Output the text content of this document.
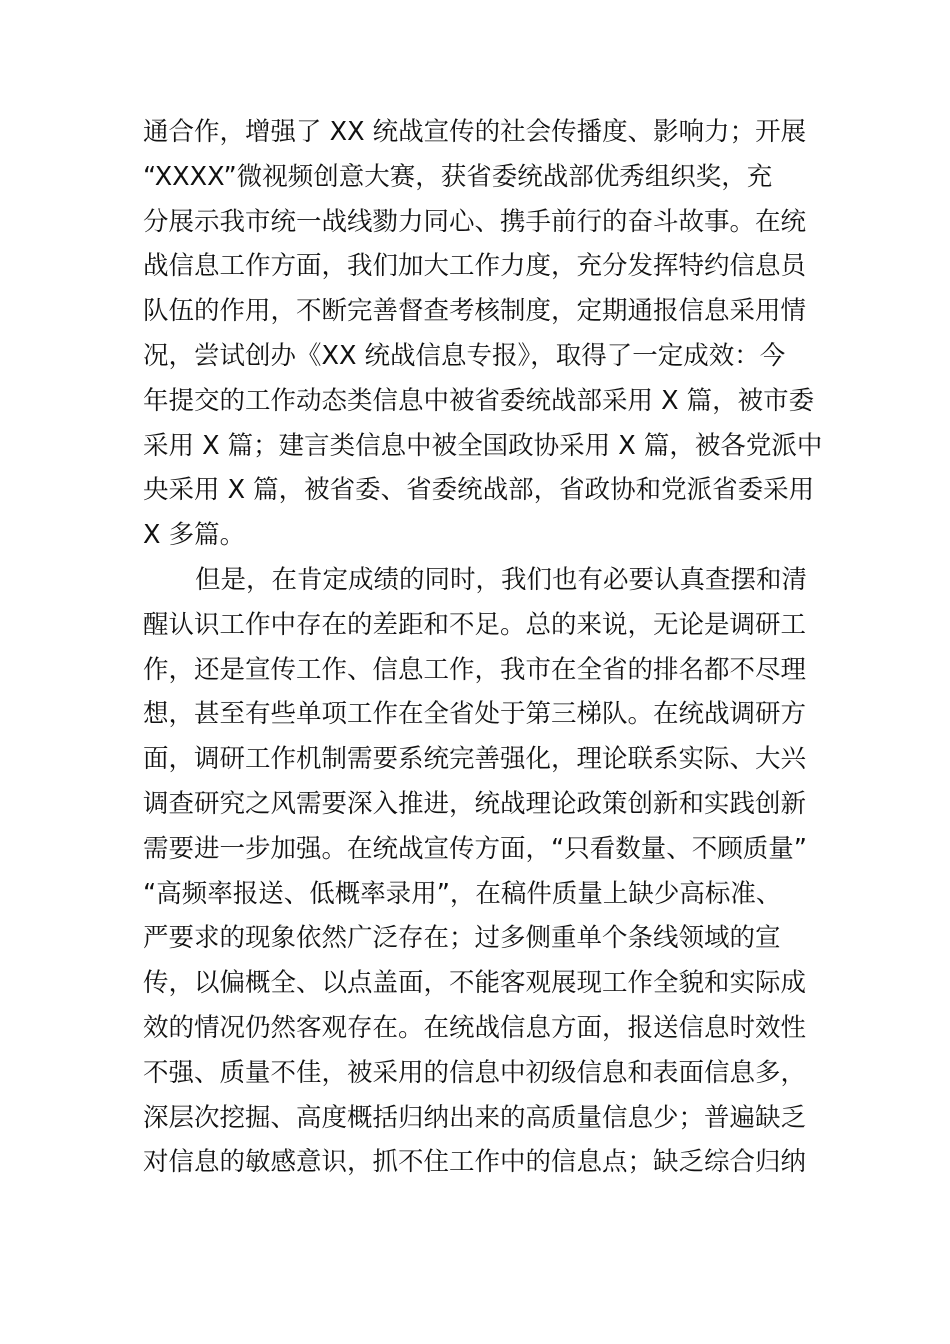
通合作，增强了 XX 统战宣传的社会传播度、影响力；开展
“XXXX”微视频创意大赛，获省委统战部优秀组织奖，充
分展示我市统一战线勠力同心、携手前行的奋斗故事。在统
战信息工作方面，我们加大工作力度，充分发挥特约信息员
队伍的作用，不断完善督查考核制度，定期通报信息采用情
况，尝试创办《XX 统战信息专报》，取得了一定成效：今
年提交的工作动态类信息中被省委统战部采用 X 篇，被市委
采用 X 篇；建言类信息中被全国政协采用 X 篇，被各党派中
央采用 X 篇，被省委、省委统战部，省政协和党派省委采用
X 多篇。
但是，在肯定成绩的同时，我们也有必要认真查摆和清
醒认识工作中存在的差距和不足。总的来说，无论是调研工
作，还是宣传工作、信息工作，我市在全省的排名都不尽理
想，甚至有些单项工作在全省处于第三梯队。在统战调研方
面，调研工作机制需要系统完善强化，理论联系实际、大兴
调查研究之风需要深入推进，统战理论政策创新和实践创新
需要进一步加强。在统战宣传方面，“只看数量、不顾质量”
“高频率报送、低概率录用”，在稿件质量上缺少高标准、
严要求的现象依然广泛存在；过多侧重单个条线领域的宣
传，以偏概全、以点盖面，不能客观展现工作全貌和实际成
效的情况仍然客观存在。在统战信息方面，报送信息时效性
不强、质量不佳，被采用的信息中初级信息和表面信息多，
深层次挖掘、高度概括归纳出来的高质量信息少；普遍缺乏
对信息的敏感意识，抓不住工作中的信息点；缺乏综合归纳
